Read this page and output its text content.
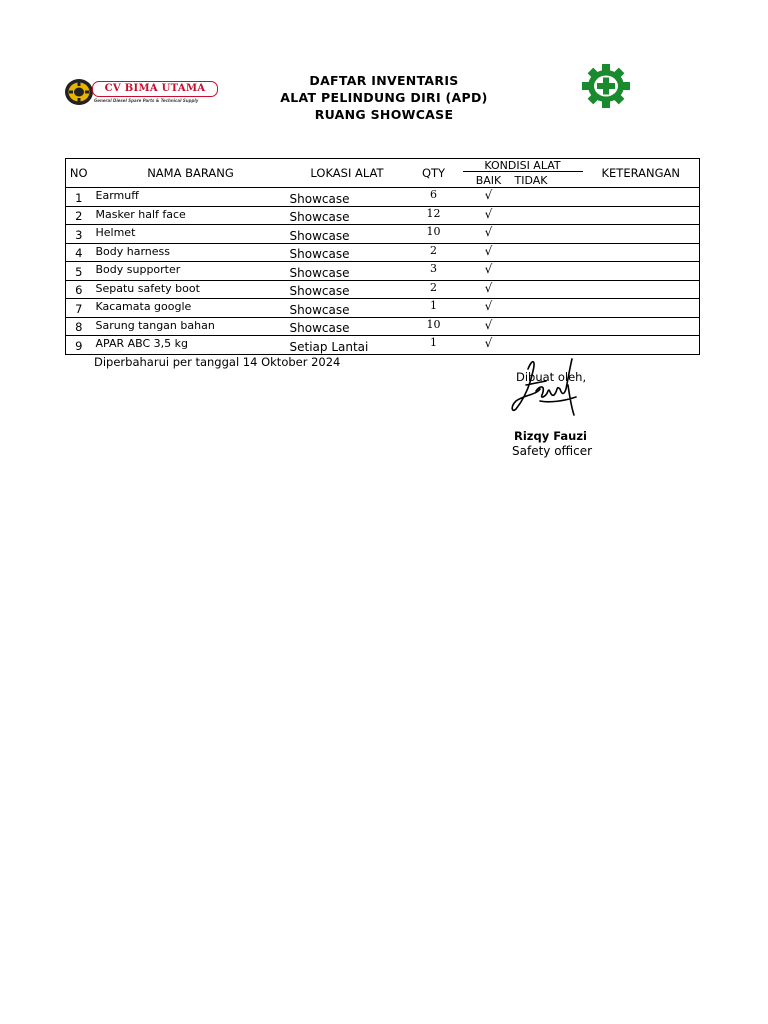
CV BIMA UTAMA
General Diesel Spare Parts & Technical Supply
DAFTAR INVENTARIS
ALAT PELINDUNG DIRI (APD)
RUANG SHOWCASE
NO	NAMA BARANG	LOKASI ALAT	QTY	KONDISI ALAT		KETERANGAN
				BAIK	TIDAK	
1	Earmuff	Showcase	6	√		
2	Masker half face	Showcase	12	√		
3	Helmet	Showcase	10	√		
4	Body harness	Showcase	2	√		
5	Body supporter	Showcase	3	√		
6	Sepatu safety boot	Showcase	2	√		
7	Kacamata google	Showcase	1	√		
8	Sarung tangan bahan	Showcase	10	√		
9	APAR ABC 3,5 kg	Setiap Lantai	1	√		
Diperbaharui per tanggal 14 Oktober 2024
Dibuat oleh,
Rizqy Fauzi
Safety officer
